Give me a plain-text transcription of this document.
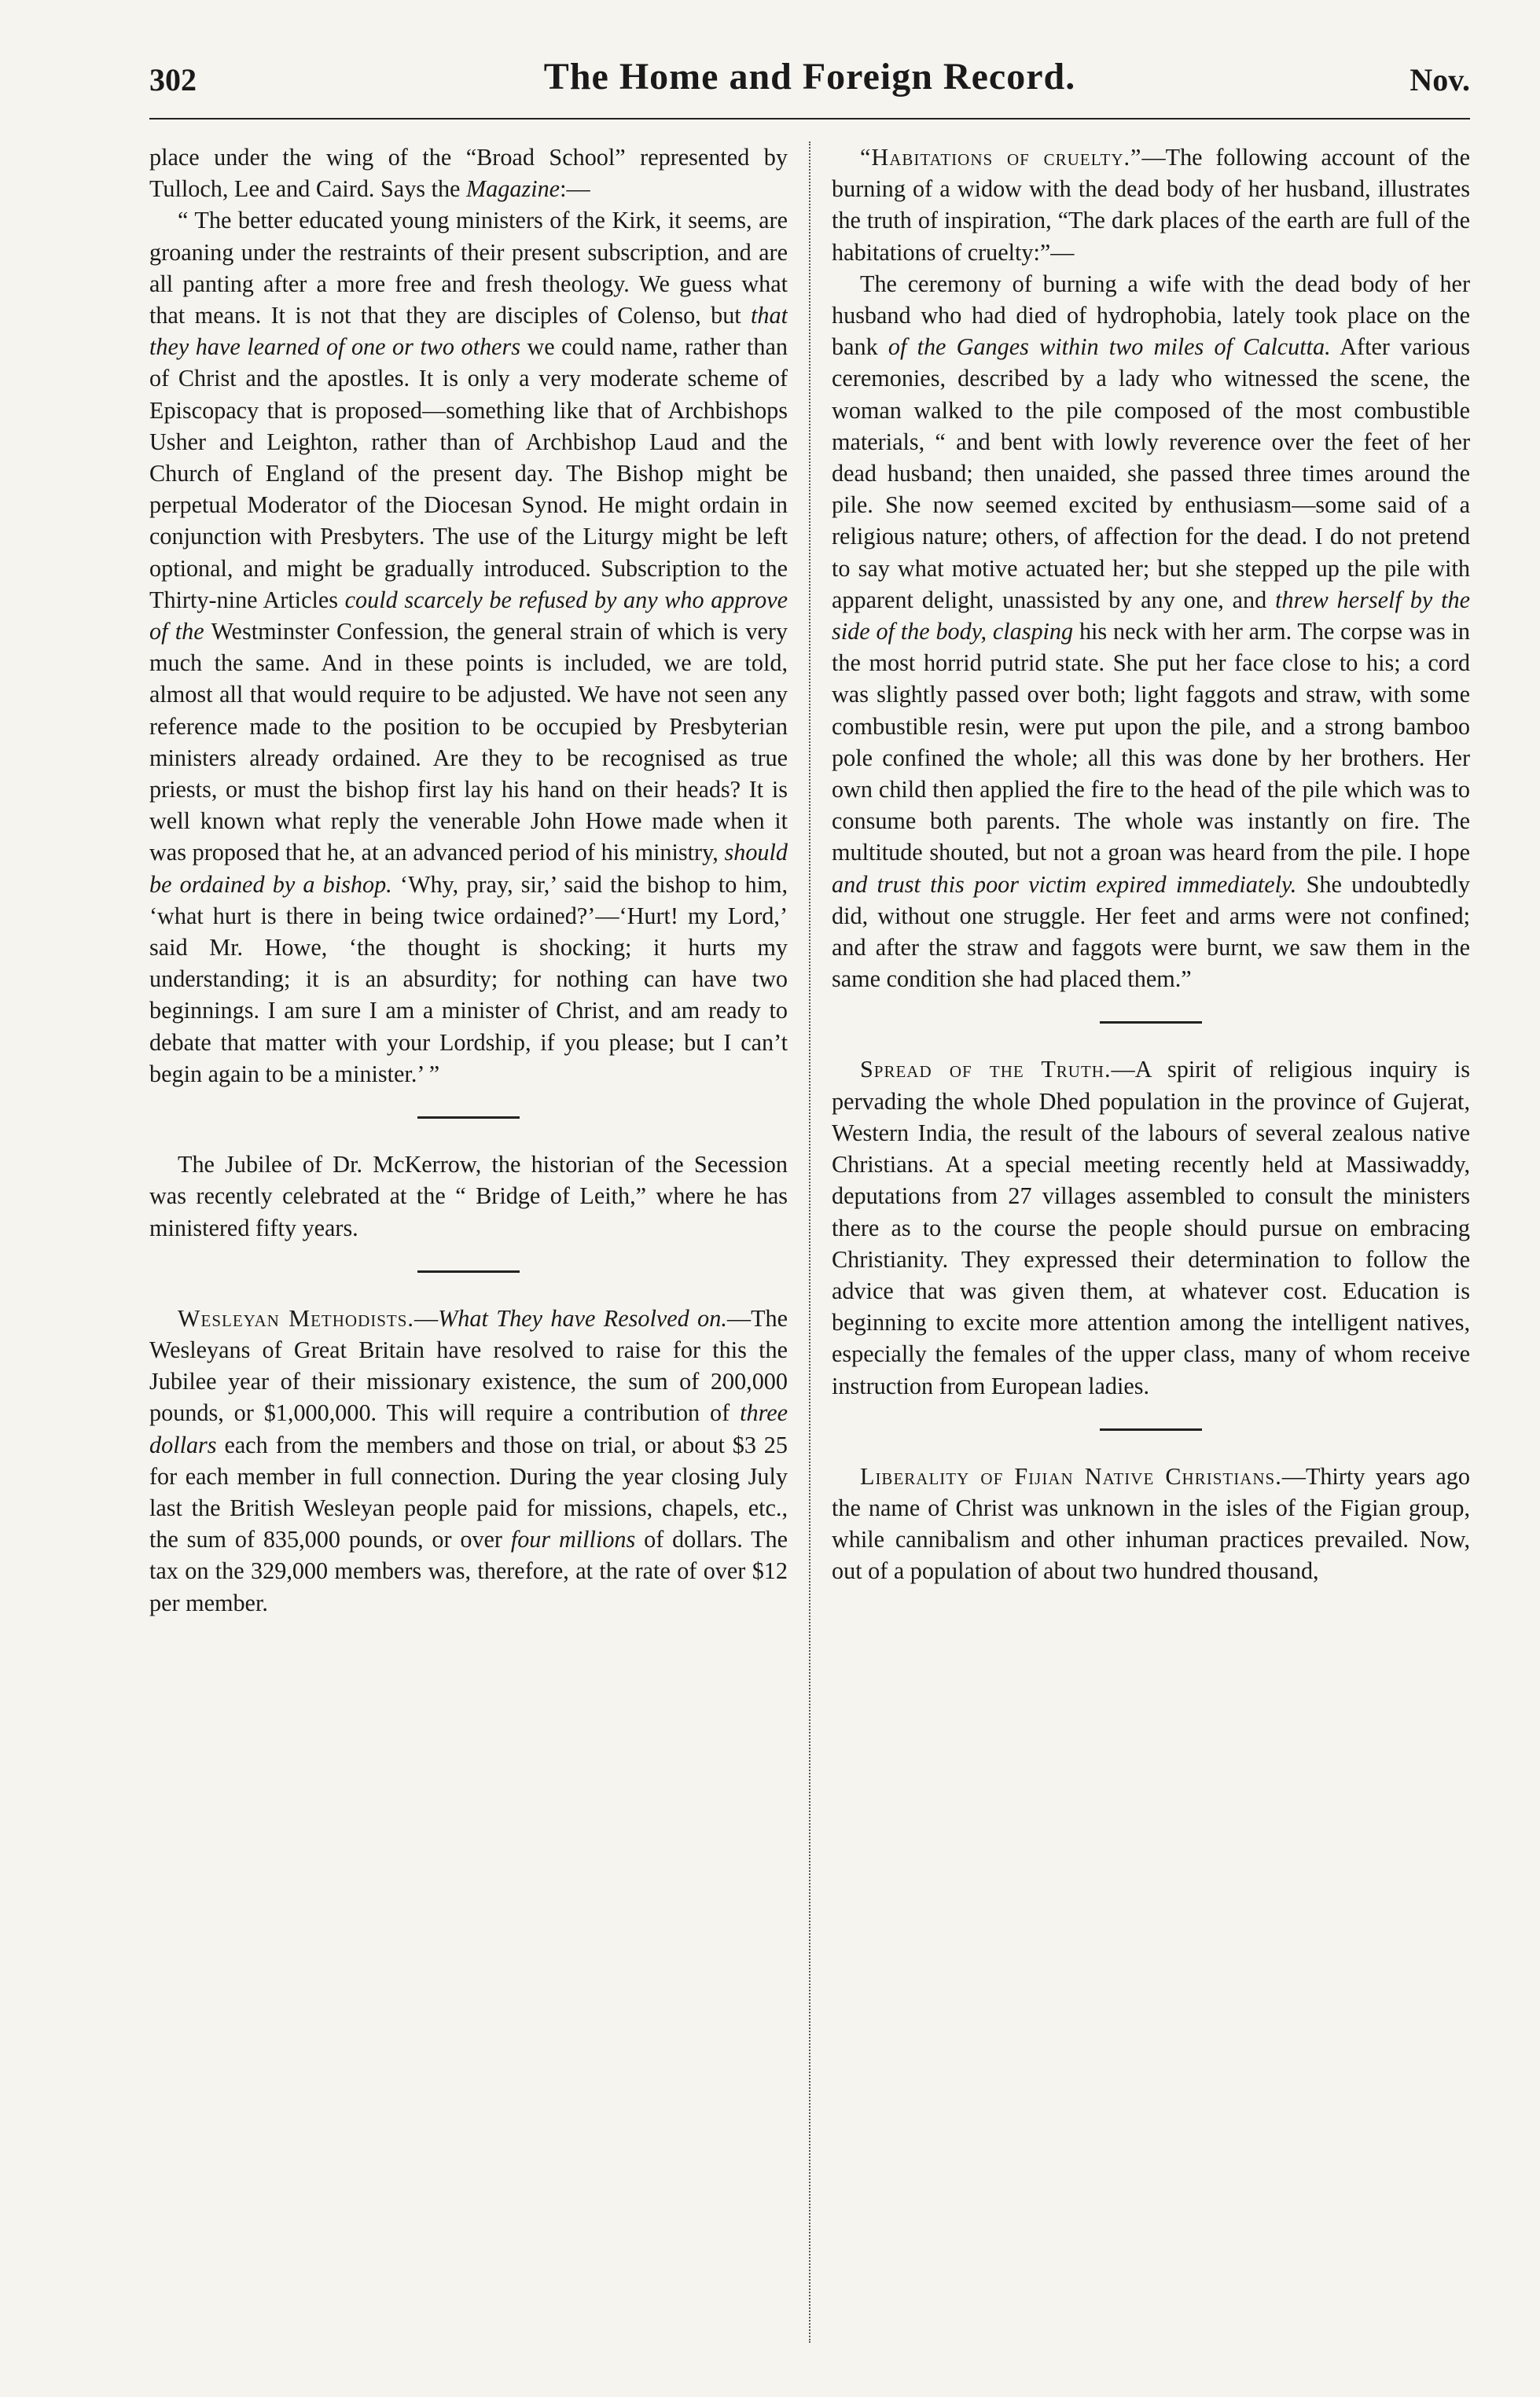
302	The Home and Foreign Record.	Nov.

place under the wing of the “Broad School” represented by Tulloch, Lee and Caird. Says the Magazine:—

“ The better educated young ministers of the Kirk, it seems, are groaning under the restraints of their present subscription, and are all panting after a more free and fresh theology. We guess what that means. It is not that they are disciples of Colenso, but that they have learned of one or two others we could name, rather than of Christ and the apostles. It is only a very moderate scheme of Episcopacy that is proposed—something like that of Archbishops Usher and Leighton, rather than of Archbishop Laud and the Church of England of the present day. The Bishop might be perpetual Moderator of the Diocesan Synod. He might ordain in conjunction with Presbyters. The use of the Liturgy might be left optional, and might be gradually introduced. Subscription to the Thirty-nine Articles could scarcely be refused by any who approve of the Westminster Confession, the general strain of which is very much the same. And in these points is included, we are told, almost all that would require to be adjusted. We have not seen any reference made to the position to be occupied by Presbyterian ministers already ordained. Are they to be recognised as true priests, or must the bishop first lay his hand on their heads? It is well known what reply the venerable John Howe made when it was proposed that he, at an advanced period of his ministry, should be ordained by a bishop. ‘Why, pray, sir,’ said the bishop to him, ‘what hurt is there in being twice ordained?’—‘Hurt! my Lord,’ said Mr. Howe, ‘the thought is shocking; it hurts my understanding; it is an absurdity; for nothing can have two beginnings. I am sure I am a minister of Christ, and am ready to debate that matter with your Lordship, if you please; but I can’t begin again to be a minister.’ ”

The Jubilee of Dr. McKerrow, the historian of the Secession was recently celebrated at the “ Bridge of Leith,” where he has ministered fifty years.

Wesleyan Methodists.—What They have Resolved on.—The Wesleyans of Great Britain have resolved to raise for this the Jubilee year of their missionary existence, the sum of 200,000 pounds, or $1,000,000. This will require a contribution of three dollars each from the members and those on trial, or about $3 25 for each member in full connection. During the year closing July last the British Wesleyan people paid for missions, chapels, etc., the sum of 835,000 pounds, or over four millions of dollars. The tax on the 329,000 members was, therefore, at the rate of over $12 per member.

“Habitations of cruelty.”—The following account of the burning of a widow with the dead body of her husband, illustrates the truth of inspiration, “The dark places of the earth are full of the habitations of cruelty:”—

The ceremony of burning a wife with the dead body of her husband who had died of hydrophobia, lately took place on the bank of the Ganges within two miles of Calcutta. After various ceremonies, described by a lady who witnessed the scene, the woman walked to the pile composed of the most combustible materials, “ and bent with lowly reverence over the feet of her dead husband; then unaided, she passed three times around the pile. She now seemed excited by enthusiasm—some said of a religious nature; others, of affection for the dead. I do not pretend to say what motive actuated her; but she stepped up the pile with apparent delight, unassisted by any one, and threw herself by the side of the body, clasping his neck with her arm. The corpse was in the most horrid putrid state. She put her face close to his; a cord was slightly passed over both; light faggots and straw, with some combustible resin, were put upon the pile, and a strong bamboo pole confined the whole; all this was done by her brothers. Her own child then applied the fire to the head of the pile which was to consume both parents. The whole was instantly on fire. The multitude shouted, but not a groan was heard from the pile. I hope and trust this poor victim expired immediately. She undoubtedly did, without one struggle. Her feet and arms were not confined; and after the straw and faggots were burnt, we saw them in the same condition she had placed them.”

Spread of the Truth.—A spirit of religious inquiry is pervading the whole Dhed population in the province of Gujerat, Western India, the result of the labours of several zealous native Christians. At a special meeting recently held at Massiwaddy, deputations from 27 villages assembled to consult the ministers there as to the course the people should pursue on embracing Christianity. They expressed their determination to follow the advice that was given them, at whatever cost. Education is beginning to excite more attention among the intelligent natives, especially the females of the upper class, many of whom receive instruction from European ladies.

Liberality of Fijian Native Christians.—Thirty years ago the name of Christ was unknown in the isles of the Figian group, while cannibalism and other inhuman practices prevailed. Now, out of a population of about two hundred thousand,
